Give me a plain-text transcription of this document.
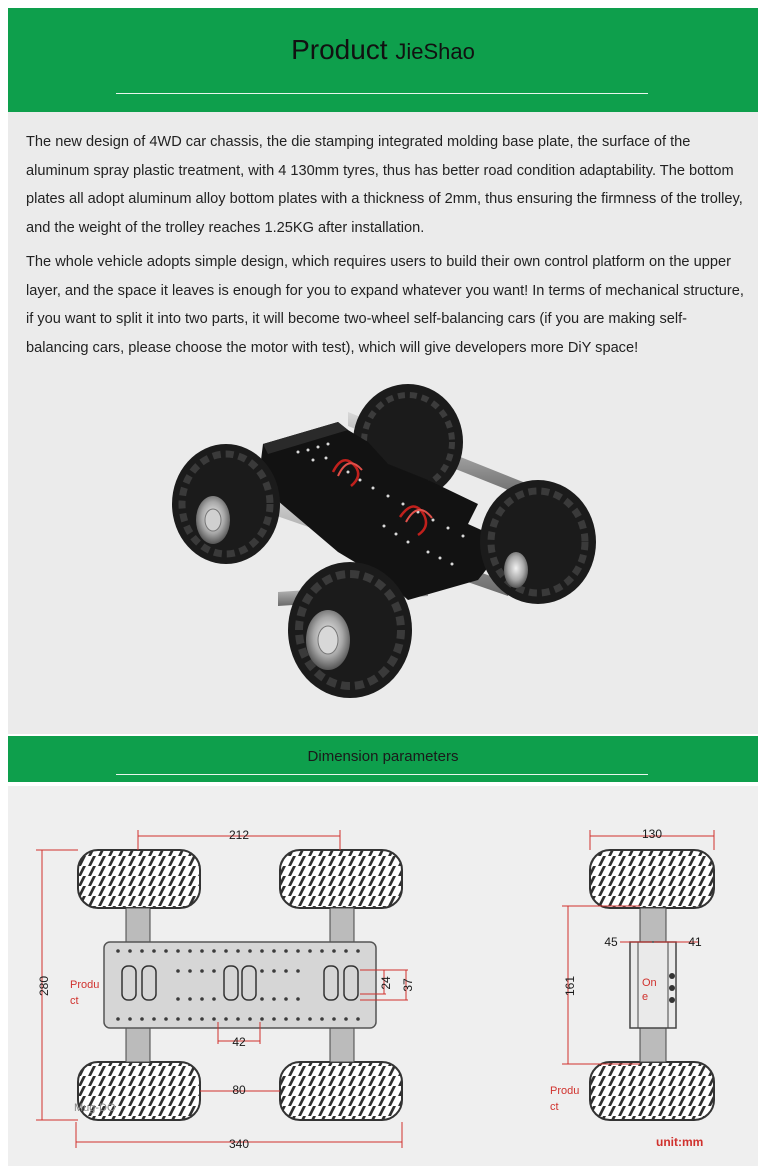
Product JieShao

The new design of 4WD car chassis, the die stamping integrated molding base plate, the surface of the aluminum spray plastic treatment, with 4 130mm tyres, thus has better road condition adaptability. The bottom plates all adopt aluminum alloy bottom plates with a thickness of 2mm, thus ensuring the firmness of the trolley, and the weight of the trolley reaches 1.25KG after installation.

The whole vehicle adopts simple design, which requires users to build their own control platform on the upper layer, and the space it leaves is enough for you to expand whatever you want! In terms of mechanical structure, if you want to split it into two parts, it will become two-wheel self-balancing cars (if you are making self-balancing cars, please choose the motor with test), which will give developers more DiY space!

Dimension parameters
212
340
80
42
280	24 37
Produ
ct
Mug-DO
130
45	41
161
Produ
ct
On
e
unit:mm
